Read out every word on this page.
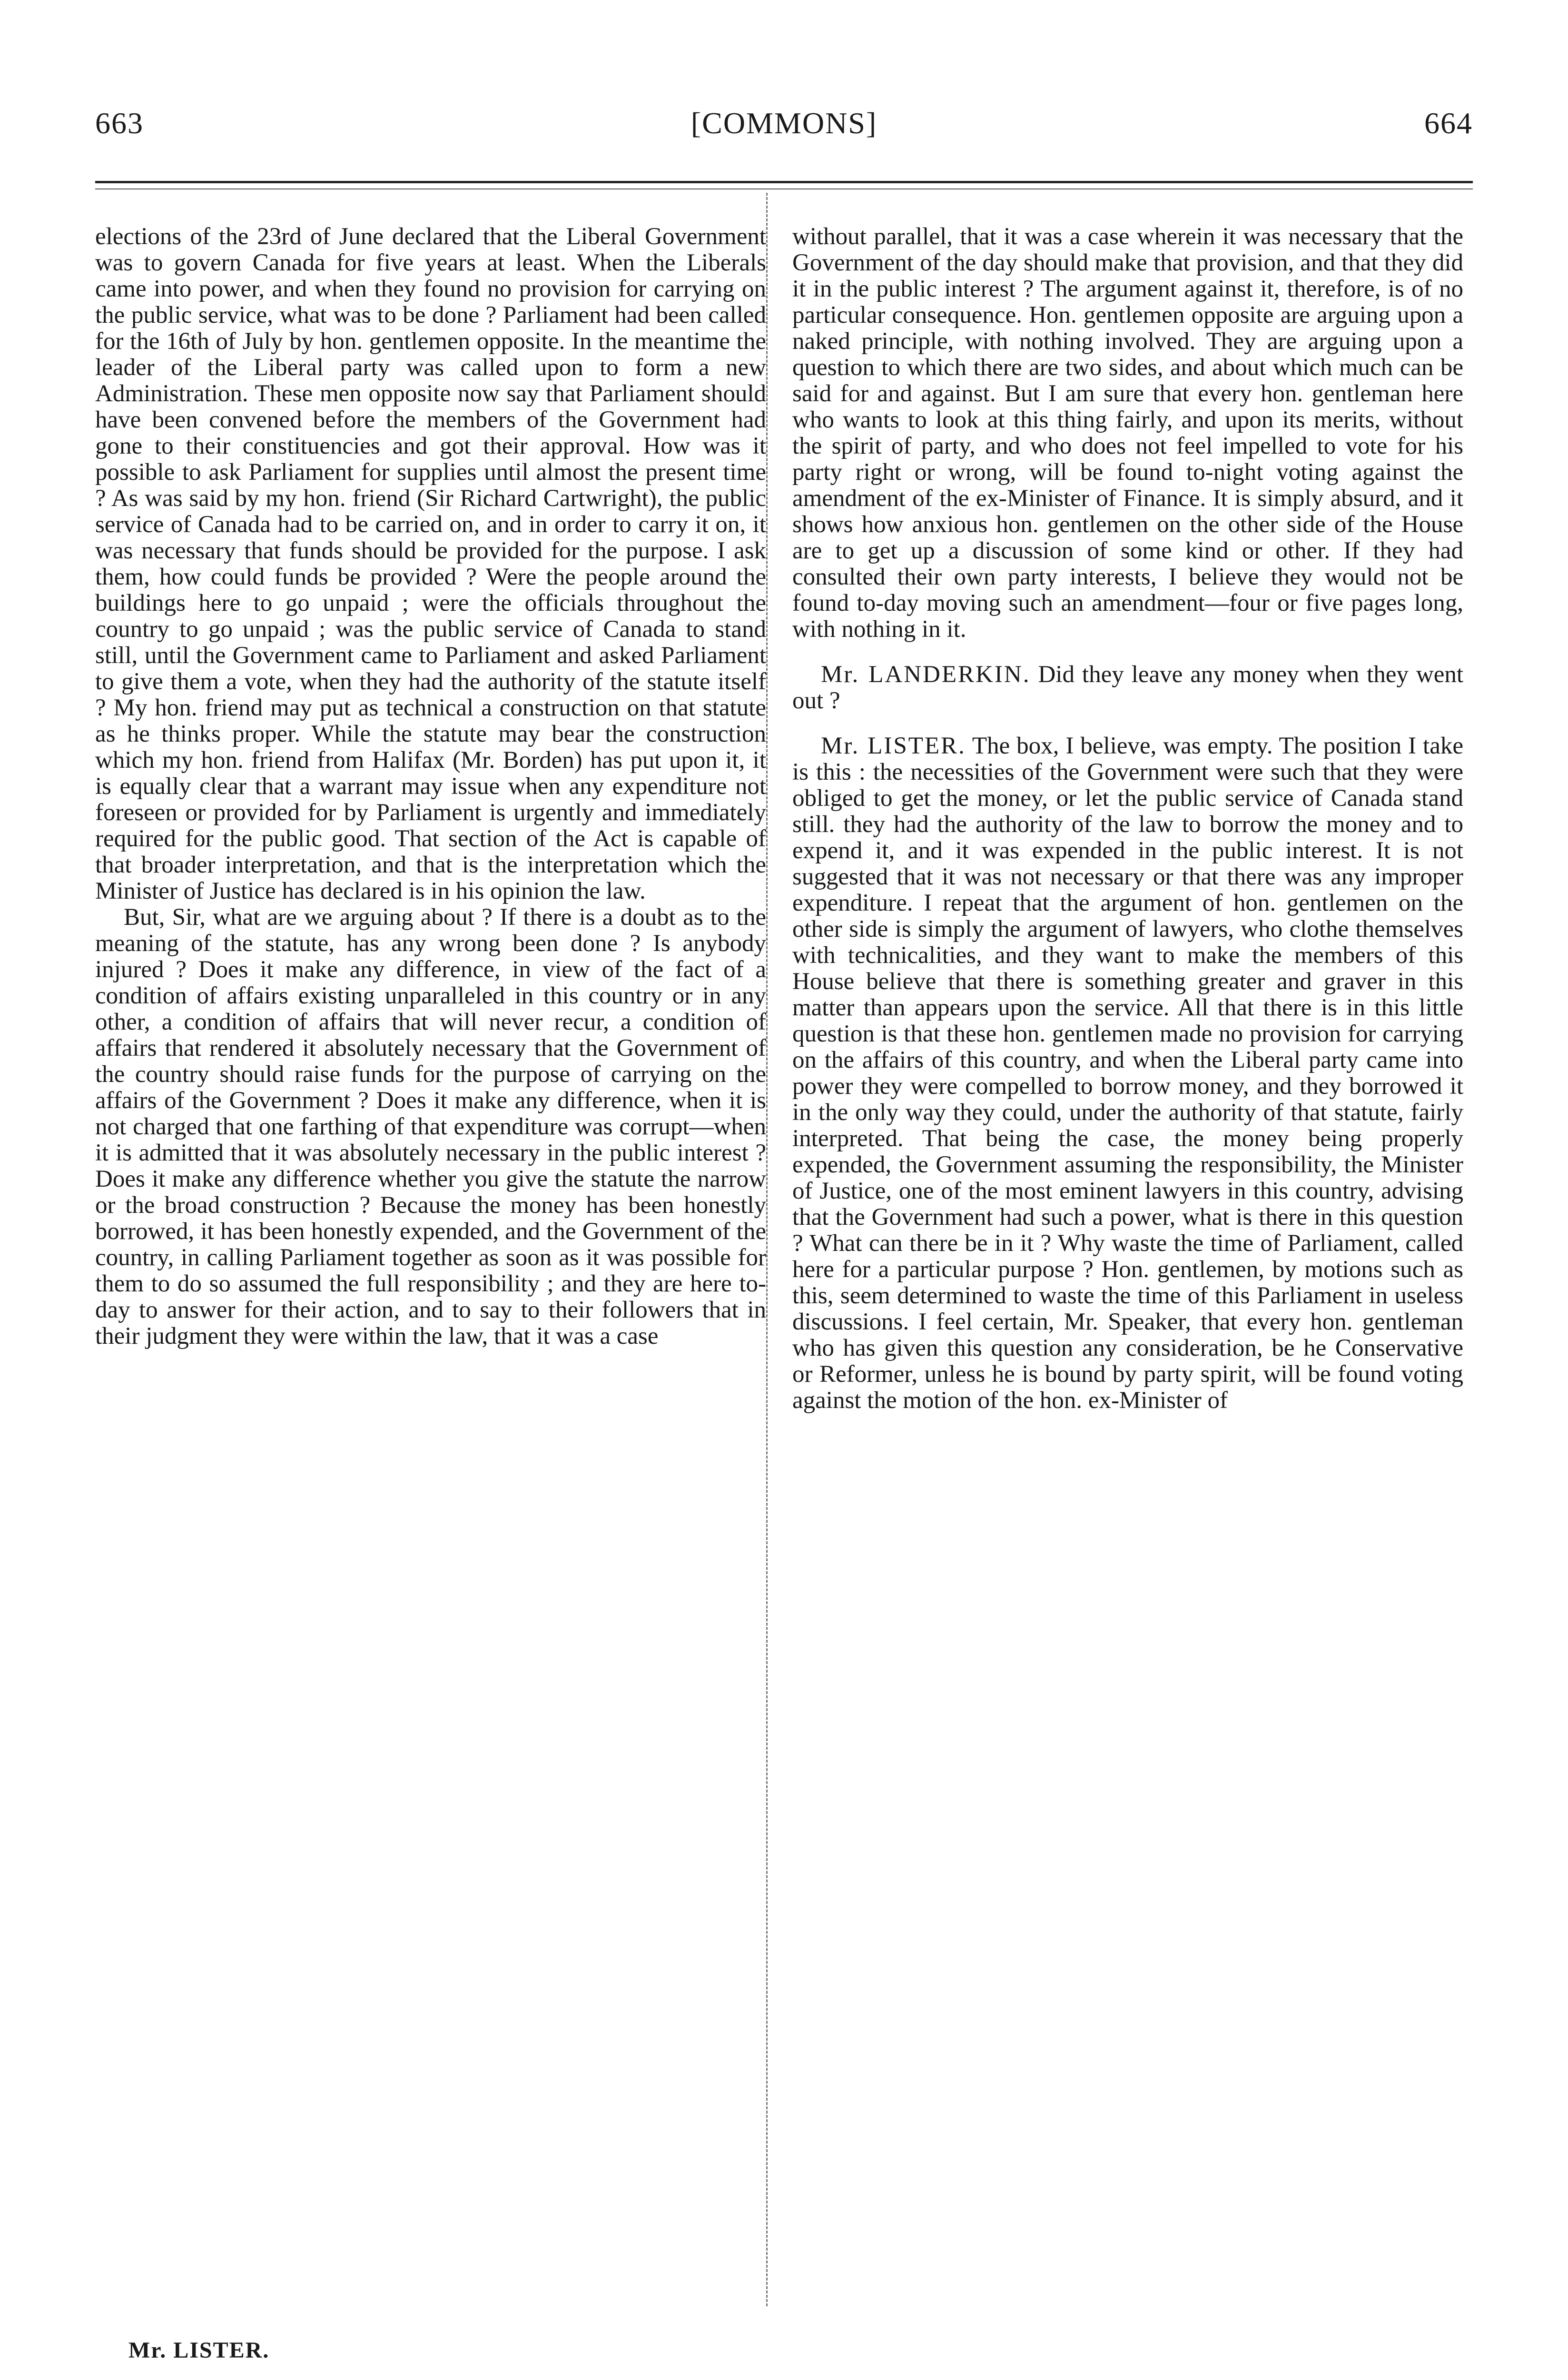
663	[COMMONS]	664

elections of the 23rd of June declared that the Liberal Government was to govern Canada for five years at least. When the Liberals came into power, and when they found no provision for carrying on the public service, what was to be done ? Parliament had been called for the 16th of July by hon. gentlemen opposite. In the meantime the leader of the Liberal party was called upon to form a new Administration. These men opposite now say that Parliament should have been convened before the members of the Government had gone to their constituencies and got their approval. How was it possible to ask Parliament for supplies until almost the present time ? As was said by my hon. friend (Sir Richard Cartwright), the public service of Canada had to be carried on, and in order to carry it on, it was necessary that funds should be provided for the purpose. I ask them, how could funds be provided ? Were the people around the buildings here to go unpaid ; were the officials throughout the country to go unpaid ; was the public service of Canada to stand still, until the Government came to Parliament and asked Parliament to give them a vote, when they had the authority of the statute itself ? My hon. friend may put as technical a construction on that statute as he thinks proper. While the statute may bear the construction which my hon. friend from Halifax (Mr. Borden) has put upon it, it is equally clear that a warrant may issue when any expenditure not foreseen or provided for by Parliament is urgently and immediately required for the public good. That section of the Act is capable of that broader interpretation, and that is the interpretation which the Minister of Justice has declared is in his opinion the law.

But, Sir, what are we arguing about ? If there is a doubt as to the meaning of the statute, has any wrong been done ? Is anybody injured ? Does it make any difference, in view of the fact of a condition of affairs existing unparalleled in this country or in any other, a condition of affairs that will never recur, a condition of affairs that rendered it absolutely necessary that the Government of the country should raise funds for the purpose of carrying on the affairs of the Government ? Does it make any difference, when it is not charged that one farthing of that expenditure was corrupt—when it is admitted that it was absolutely necessary in the public interest ? Does it make any difference whether you give the statute the narrow or the broad construction ? Because the money has been honestly borrowed, it has been honestly expended, and the Government of the country, in calling Parliament together as soon as it was possible for them to do so assumed the full responsibility ; and they are here to-day to answer for their action, and to say to their followers that in their judgment they were within the law, that it was a case

without parallel, that it was a case wherein it was necessary that the Government of the day should make that provision, and that they did it in the public interest ? The argument against it, therefore, is of no particular consequence. Hon. gentlemen opposite are arguing upon a naked principle, with nothing involved. They are arguing upon a question to which there are two sides, and about which much can be said for and against. But I am sure that every hon. gentleman here who wants to look at this thing fairly, and upon its merits, without the spirit of party, and who does not feel impelled to vote for his party right or wrong, will be found to-night voting against the amendment of the ex-Minister of Finance. It is simply absurd, and it shows how anxious hon. gentlemen on the other side of the House are to get up a discussion of some kind or other. If they had consulted their own party interests, I believe they would not be found to-day moving such an amendment—four or five pages long, with nothing in it.

Mr. LANDERKIN. Did they leave any money when they went out ?

Mr. LISTER. The box, I believe, was empty. The position I take is this : the necessities of the Government were such that they were obliged to get the money, or let the public service of Canada stand still. they had the authority of the law to borrow the money and to expend it, and it was expended in the public interest. It is not suggested that it was not necessary or that there was any improper expenditure. I repeat that the argument of hon. gentlemen on the other side is simply the argument of lawyers, who clothe themselves with technicalities, and they want to make the members of this House believe that there is something greater and graver in this matter than appears upon the service. All that there is in this little question is that these hon. gentlemen made no provision for carrying on the affairs of this country, and when the Liberal party came into power they were compelled to borrow money, and they borrowed it in the only way they could, under the authority of that statute, fairly interpreted. That being the case, the money being properly expended, the Government assuming the responsibility, the Minister of Justice, one of the most eminent lawyers in this country, advising that the Government had such a power, what is there in this question ? What can there be in it ? Why waste the time of Parliament, called here for a particular purpose ? Hon. gentlemen, by motions such as this, seem determined to waste the time of this Parliament in useless discussions. I feel certain, Mr. Speaker, that every hon. gentleman who has given this question any consideration, be he Conservative or Reformer, unless he is bound by party spirit, will be found voting against the motion of the hon. ex-Minister of

Mr. LISTER.
